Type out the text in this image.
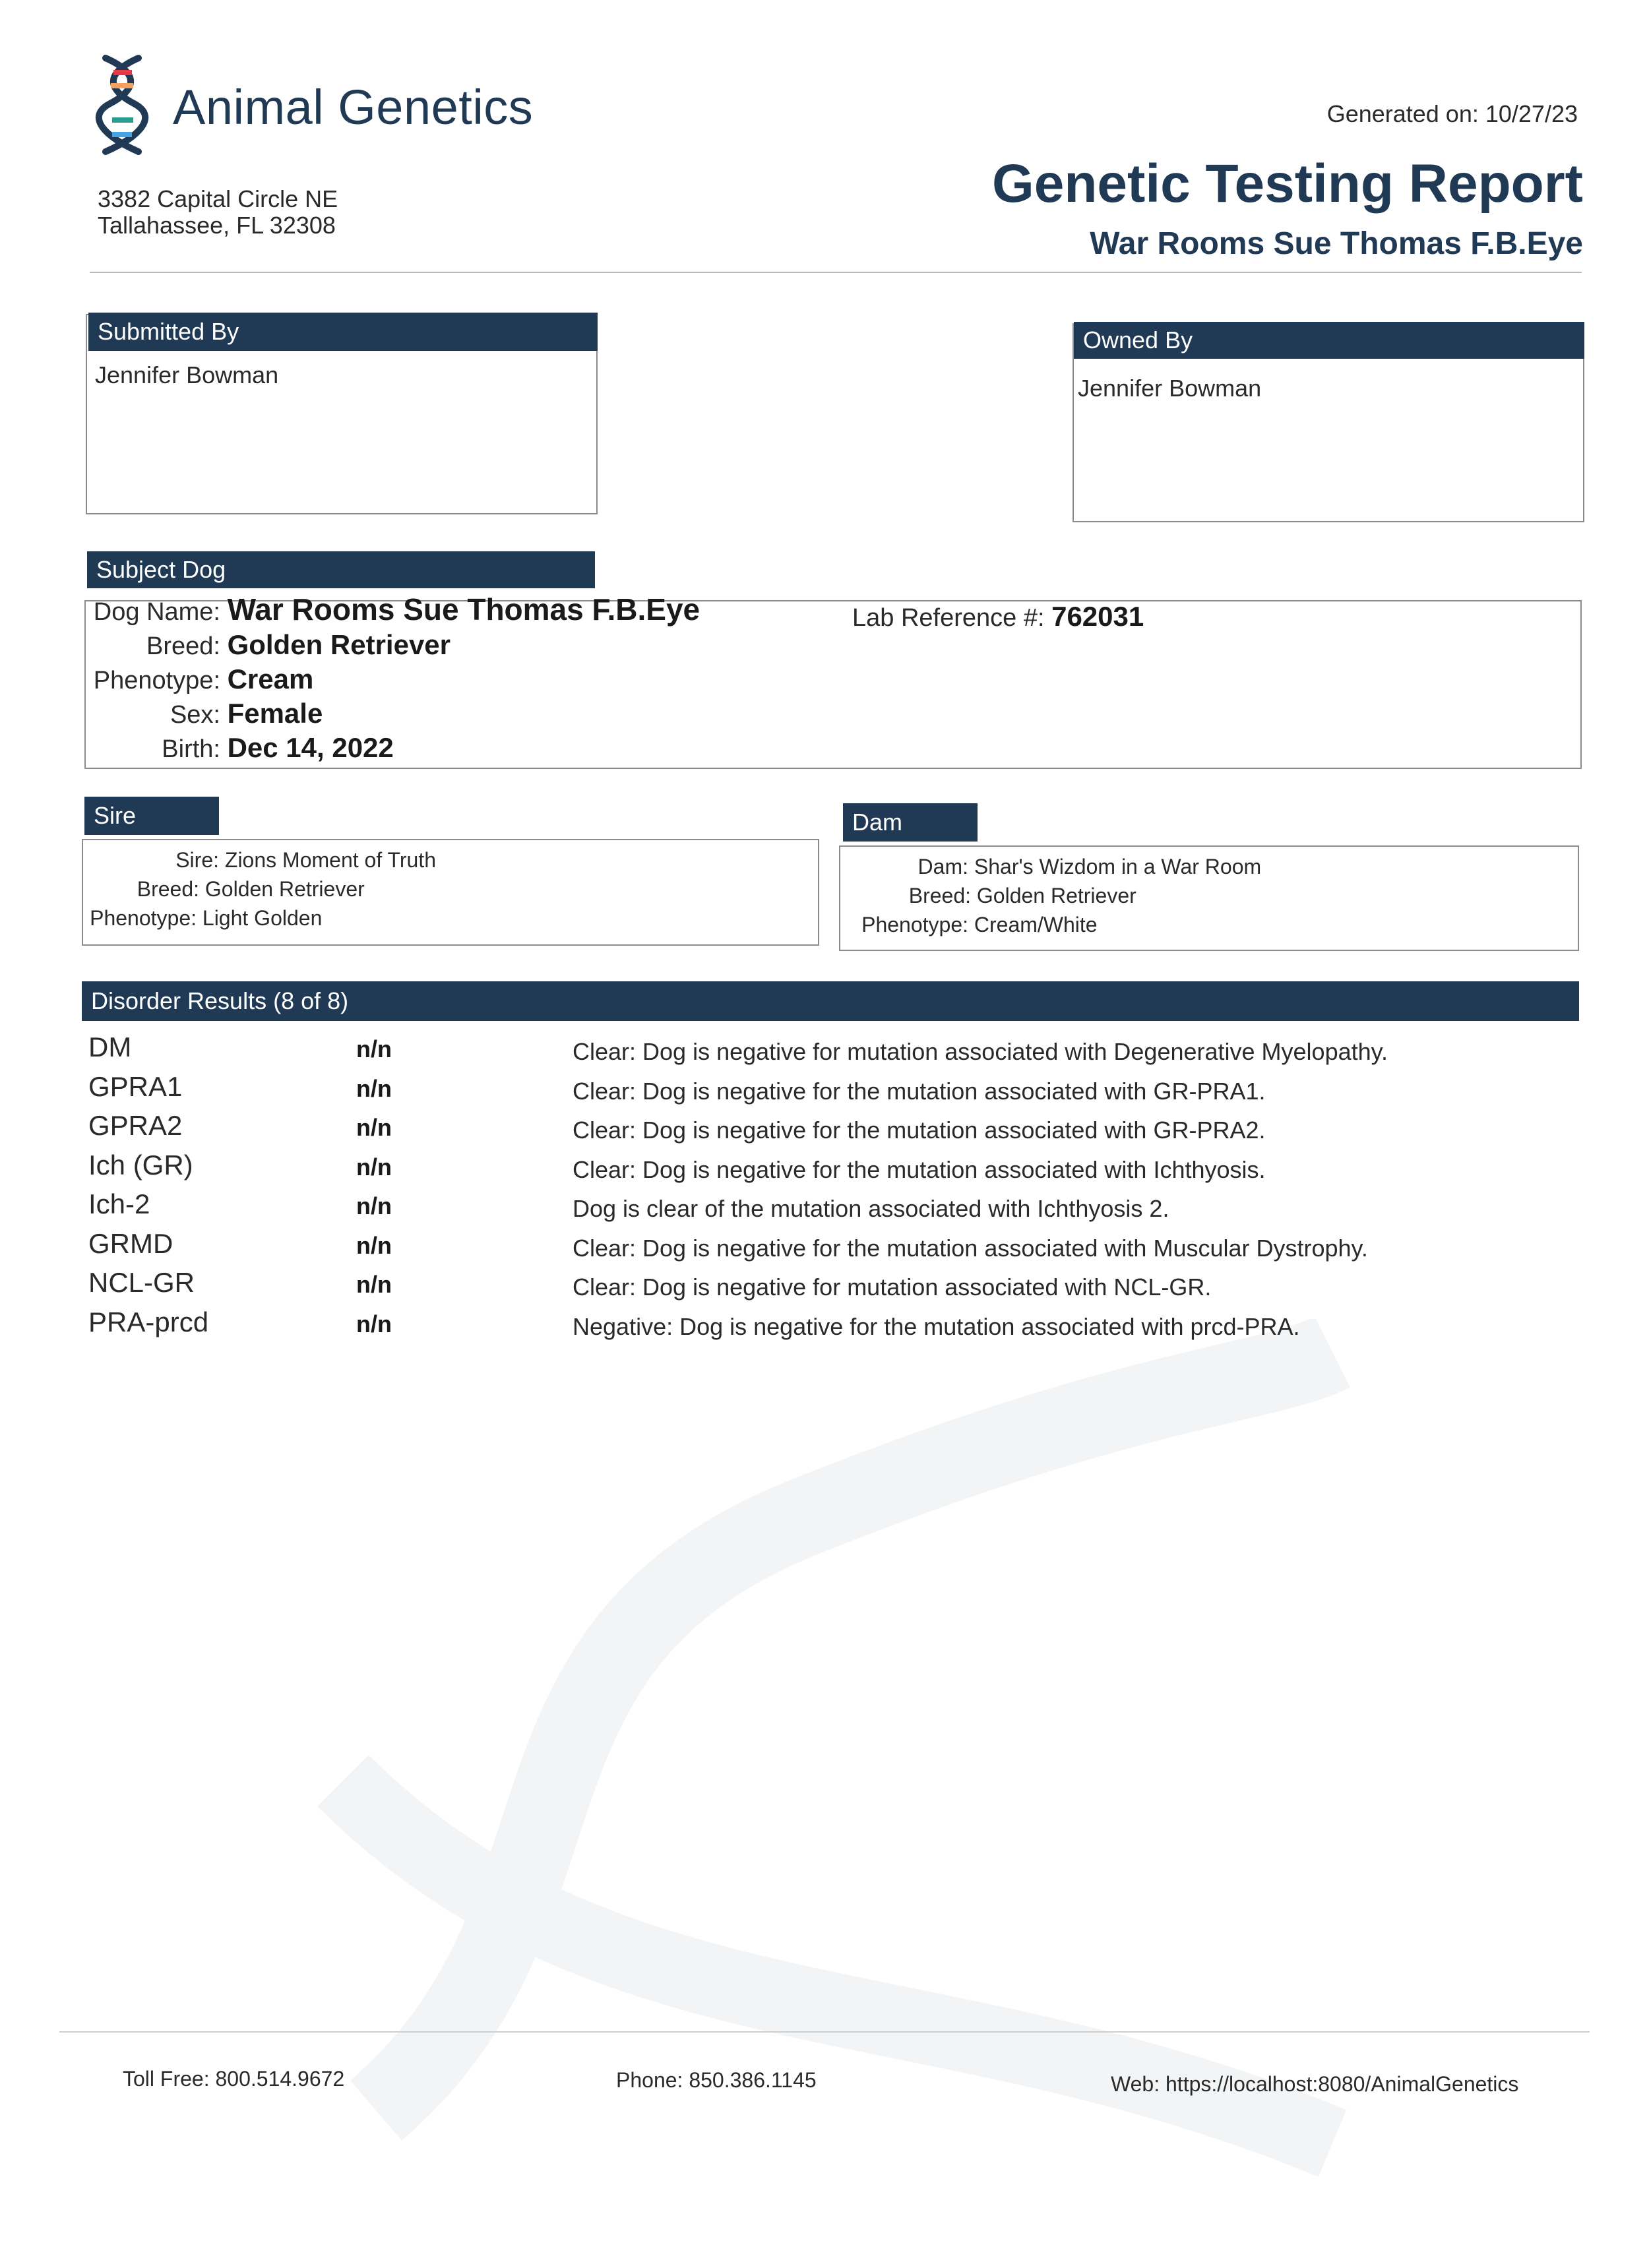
Animal Genetics
3382 Capital Circle NE
Tallahassee, FL 32308
Generated on: 10/27/23
Genetic Testing Report
War Rooms Sue Thomas F.B.Eye
Submitted By
Jennifer Bowman
Owned By
Jennifer Bowman
Subject Dog
Dog Name: War Rooms Sue Thomas F.B.Eye
Breed: Golden Retriever
Phenotype: Cream
Sex: Female
Birth: Dec 14, 2022
Lab Reference #: 762031
Sire
Sire: Zions Moment of Truth
Breed: Golden Retriever
Phenotype: Light Golden
Dam
Dam: Shar's Wizdom in a War Room
Breed: Golden Retriever
Phenotype: Cream/White
Disorder Results (8 of 8)
DM	n/n	Clear: Dog is negative for mutation associated with Degenerative Myelopathy.
GPRA1	n/n	Clear: Dog is negative for the mutation associated with GR-PRA1.
GPRA2	n/n	Clear: Dog is negative for the mutation associated with GR-PRA2.
Ich (GR)	n/n	Clear: Dog is negative for the mutation associated with Ichthyosis.
Ich-2	n/n	Dog is clear of the mutation associated with Ichthyosis 2.
GRMD	n/n	Clear: Dog is negative for the mutation associated with Muscular Dystrophy.
NCL-GR	n/n	Clear: Dog is negative for mutation associated with NCL-GR.
PRA-prcd	n/n	Negative: Dog is negative for the mutation associated with prcd-PRA.
Toll Free: 800.514.9672	Phone: 850.386.1145	Web: https://localhost:8080/AnimalGenetics
